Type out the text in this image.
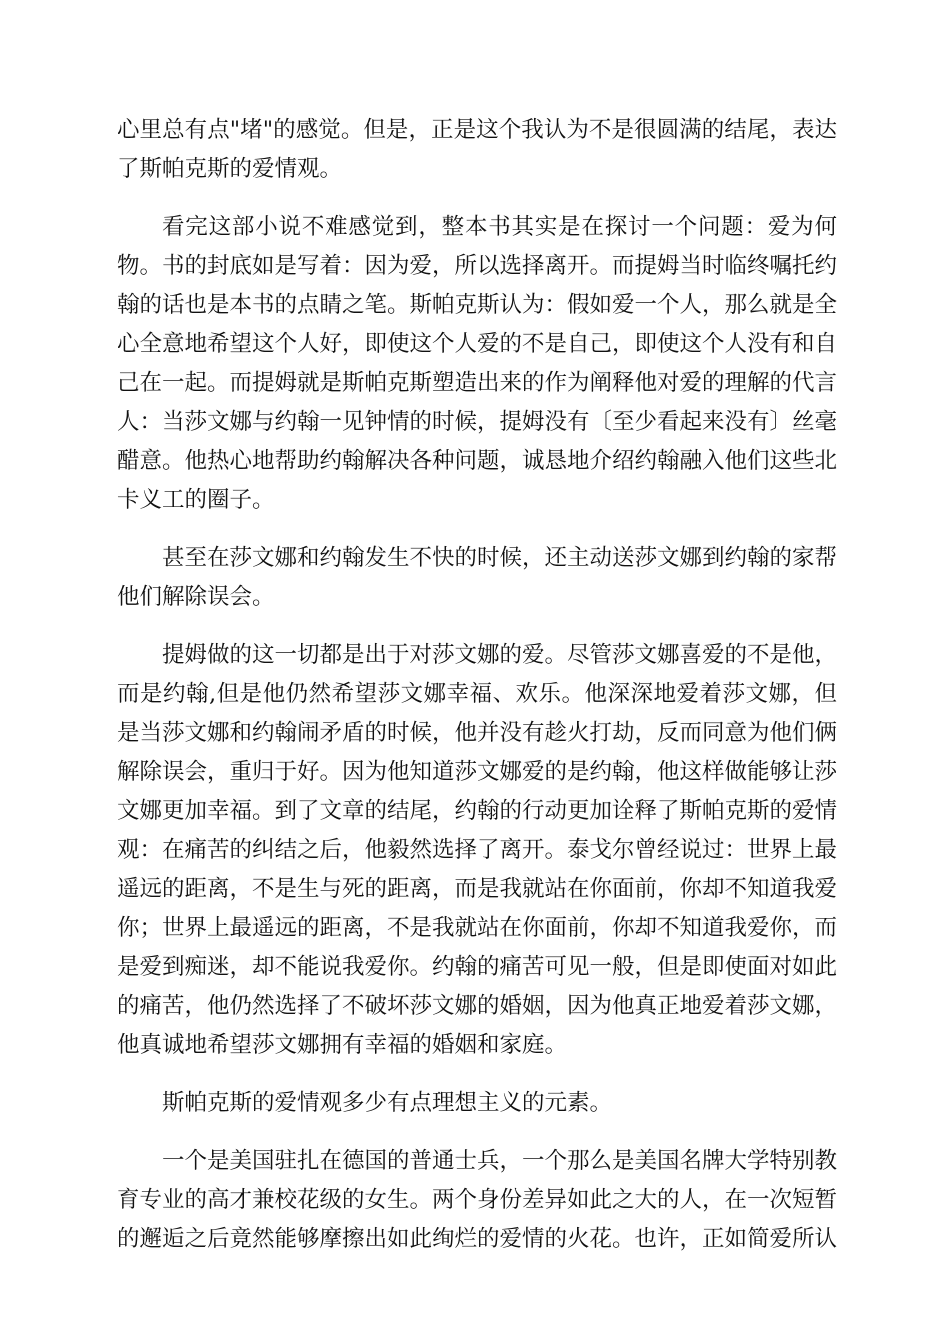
心里总有点"堵"的感觉。但是，正是这个我认为不是很圆满的结尾，表达了斯帕克斯的爱情观。

看完这部小说不难感觉到，整本书其实是在探讨一个问题：爱为何物。书的封底如是写着：因为爱，所以选择离开。而提姆当时临终嘱托约翰的话也是本书的点睛之笔。斯帕克斯认为：假如爱一个人，那么就是全心全意地希望这个人好，即使这个人爱的不是自己，即使这个人没有和自己在一起。而提姆就是斯帕克斯塑造出来的作为阐释他对爱的理解的代言人：当莎文娜与约翰一见钟情的时候，提姆没有〔至少看起来没有〕丝毫醋意。他热心地帮助约翰解决各种问题，诚恳地介绍约翰融入他们这些北卡义工的圈子。

甚至在莎文娜和约翰发生不快的时候，还主动送莎文娜到约翰的家帮他们解除误会。

提姆做的这一切都是出于对莎文娜的爱。尽管莎文娜喜爱的不是他，而是约翰,但是他仍然希望莎文娜幸福、欢乐。他深深地爱着莎文娜，但是当莎文娜和约翰闹矛盾的时候，他并没有趁火打劫，反而同意为他们俩解除误会，重归于好。因为他知道莎文娜爱的是约翰，他这样做能够让莎文娜更加幸福。到了文章的结尾，约翰的行动更加诠释了斯帕克斯的爱情观：在痛苦的纠结之后，他毅然选择了离开。泰戈尔曾经说过：世界上最遥远的距离，不是生与死的距离，而是我就站在你面前，你却不知道我爱你；世界上最遥远的距离，不是我就站在你面前，你却不知道我爱你，而是爱到痴迷，却不能说我爱你。约翰的痛苦可见一般，但是即使面对如此的痛苦，他仍然选择了不破坏莎文娜的婚姻，因为他真正地爱着莎文娜，他真诚地希望莎文娜拥有幸福的婚姻和家庭。

斯帕克斯的爱情观多少有点理想主义的元素。

一个是美国驻扎在德国的普通士兵，一个那么是美国名牌大学特别教育专业的高才兼校花级的女生。两个身份差异如此之大的人，在一次短暂的邂逅之后竟然能够摩擦出如此绚烂的爱情的火花。也许，正如简爱所认
